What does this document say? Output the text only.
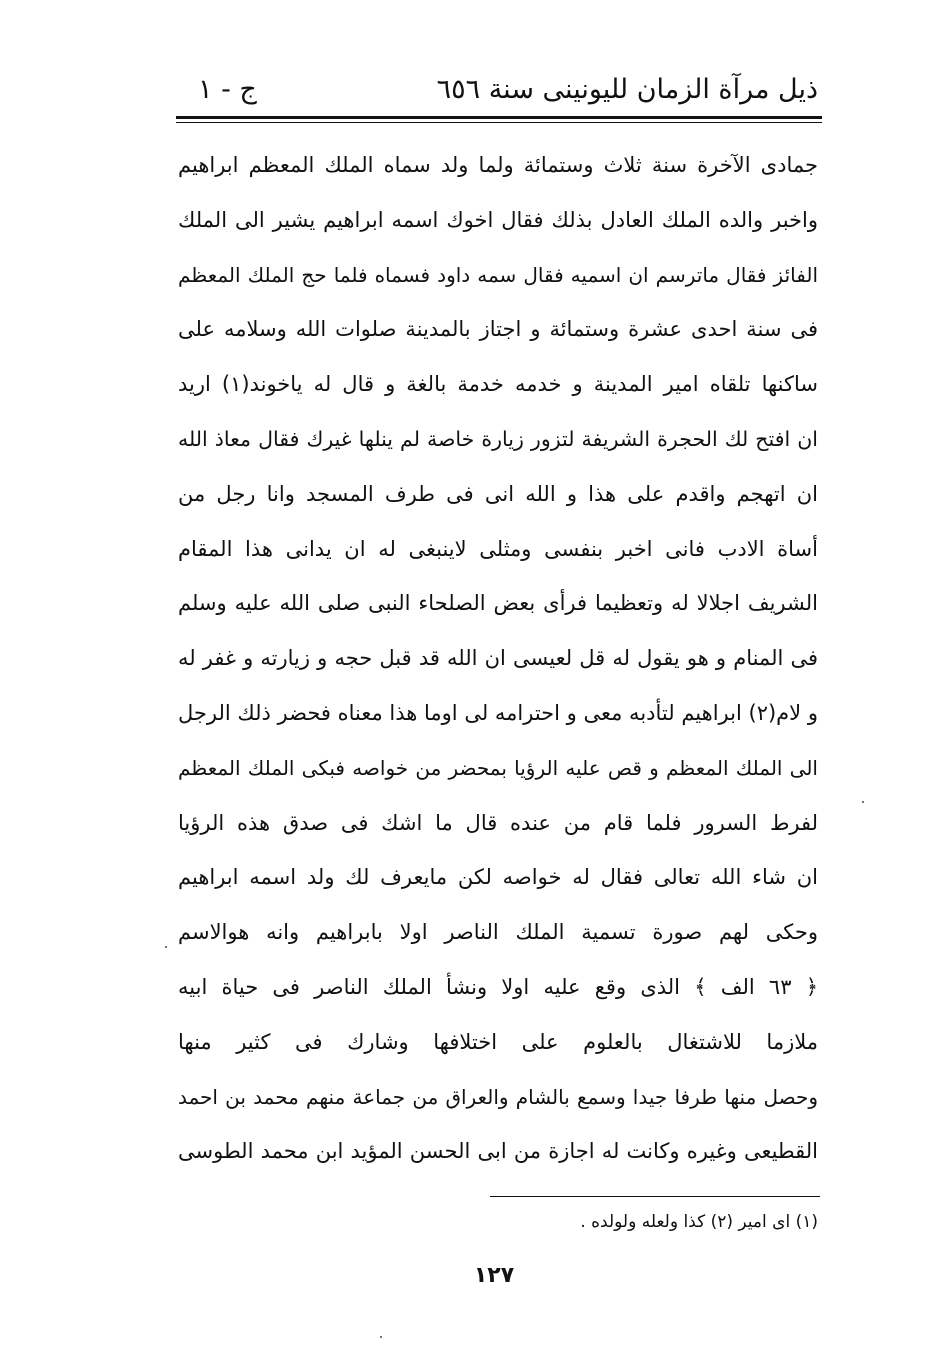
ذيل مرآة الزمان لليونينى سنة ٦٥٦
ج - ١
جمادى الآخرة سنة ثلاث وستمائة ولما ولد سماه الملك المعظم ابراهيم
واخبر والده الملك العادل بذلك فقال اخوك اسمه ابراهيم يشير الى الملك
الفائز فقال ماترسم ان اسميه فقال سمه داود فسماه فلما حج الملك المعظم
فى سنة احدى عشرة وستمائة و اجتاز بالمدينة صلوات الله وسلامه على
ساكنها تلقاه امير المدينة و خدمه خدمة بالغة و قال له ياخوند(١) اريد
ان افتح لك الحجرة الشريفة لتزور زيارة خاصة لم ينلها غيرك فقال معاذ الله
ان اتهجم واقدم على هذا و الله انى فى طرف المسجد وانا رجل من
أساة الادب فانى اخبر بنفسى ومثلى لاينبغى له ان يدانى هذا المقام
الشريف اجلالا له وتعظيما فرأى بعض الصلحاء النبى صلى الله عليه وسلم
فى المنام و هو يقول له قل لعيسى ان الله قد قبل حجه و زيارته و غفر له
و لام(٢) ابراهيم لتأدبه معى و احترامه لى اوما هذا معناه فحضر ذلك الرجل
الى الملك المعظم و قص عليه الرؤيا بمحضر من خواصه فبكى الملك المعظم
لفرط السرور فلما قام من عنده قال ما اشك فى صدق هذه الرؤيا
ان شاء الله تعالى فقال له خواصه لكن مايعرف لك ولد اسمه ابراهيم
وحكى لهم صورة تسمية الملك الناصر اولا بابراهيم وانه هوالاسم
﴿ ٦٣ الف ﴾ الذى وقع عليه اولا ونشأ الملك الناصر فى حياة ابيه
ملازما للاشتغال بالعلوم على اختلافها وشارك فى كثير منها
وحصل منها طرفا جيدا وسمع بالشام والعراق من جماعة منهم محمد بن احمد
القطيعى وغيره وكانت له اجازة من ابى الحسن المؤيد ابن محمد الطوسى
(١) اى امير (٢) كذا ولعله ولولده .
١٢٧
